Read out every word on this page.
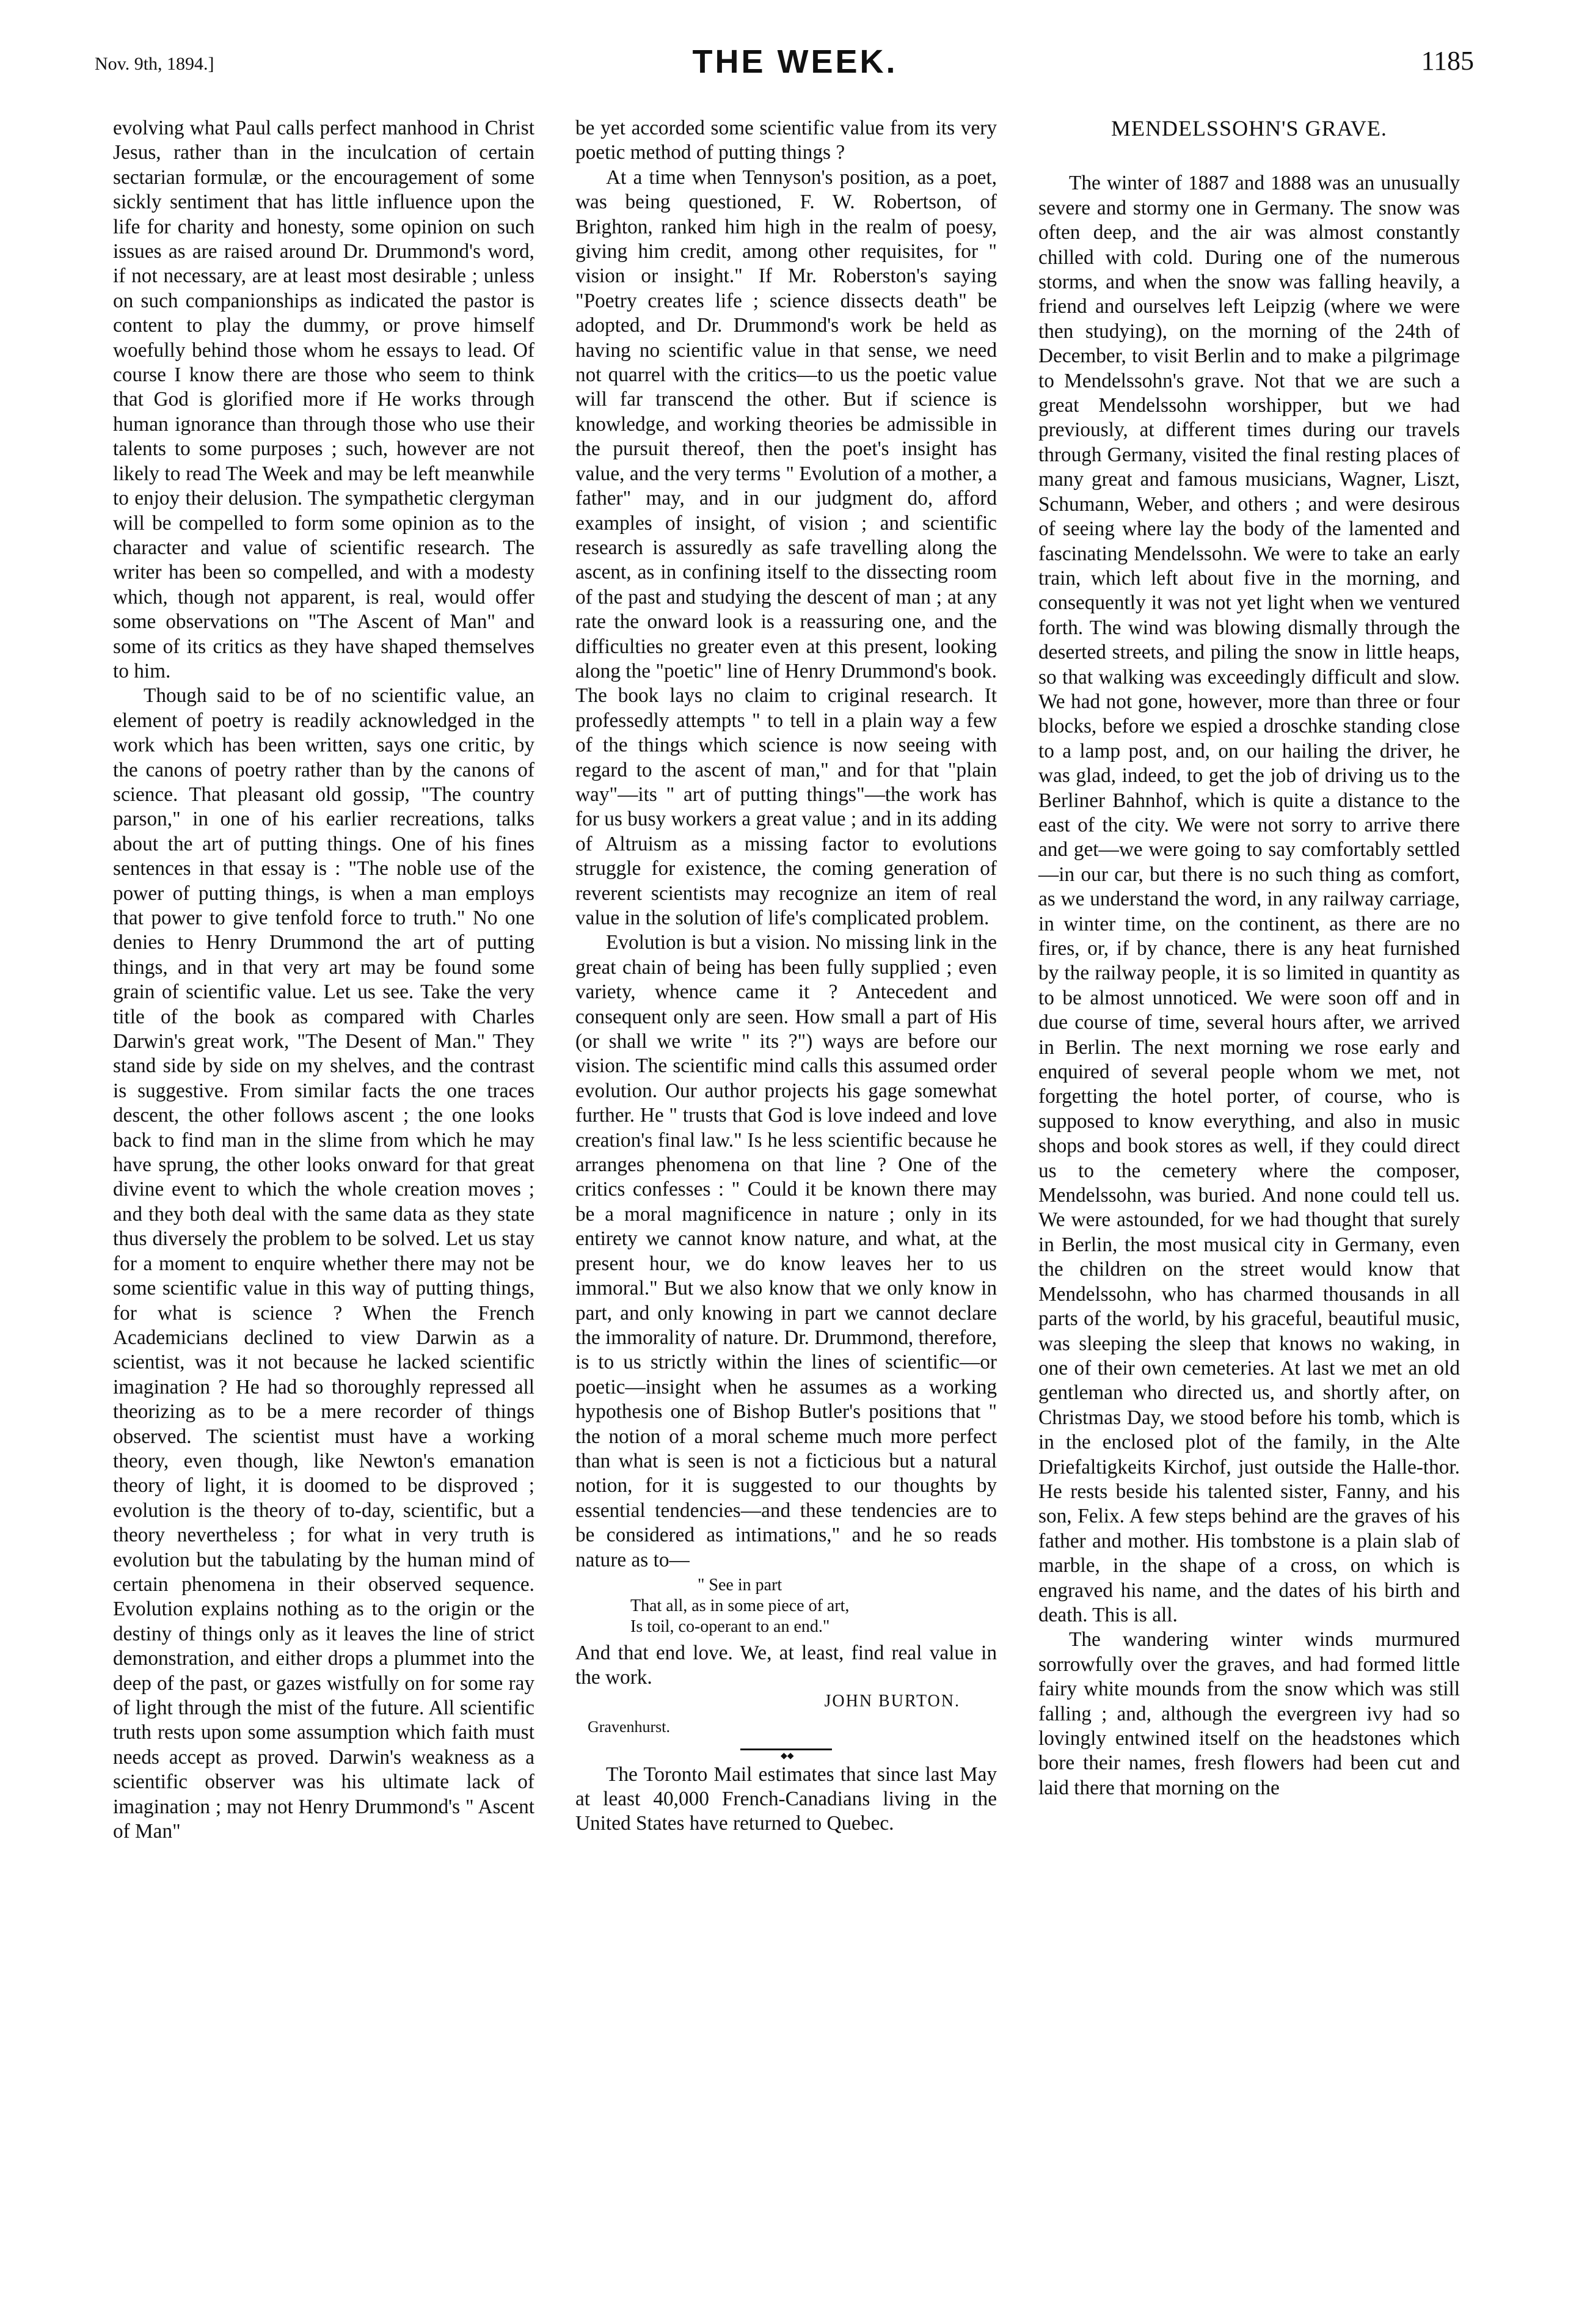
Nov. 9th, 1894.]	THE WEEK.	1185

evolving what Paul calls perfect manhood in Christ Jesus, rather than in the inculcation of certain sectarian formulæ, or the encouragement of some sickly sentiment that has little influence upon the life for charity and honesty, some opinion on such issues as are raised around Dr. Drummond's word, if not necessary, are at least most desirable ; unless on such companionships as indicated the pastor is content to play the dummy, or prove himself woefully behind those whom he essays to lead. Of course I know there are those who seem to think that God is glorified more if He works through human ignorance than through those who use their talents to some purposes ; such, however are not likely to read The Week and may be left meanwhile to enjoy their delusion. The sympathetic clergyman will be compelled to form some opinion as to the character and value of scientific research. The writer has been so compelled, and with a modesty which, though not apparent, is real, would offer some observations on "The Ascent of Man" and some of its critics as they have shaped themselves to him.

Though said to be of no scientific value, an element of poetry is readily acknowledged in the work which has been written, says one critic, by the canons of poetry rather than by the canons of science. That pleasant old gossip, "The country parson," in one of his earlier recreations, talks about the art of putting things. One of his fines sentences in that essay is : "The noble use of the power of putting things, is when a man employs that power to give tenfold force to truth." No one denies to Henry Drummond the art of putting things, and in that very art may be found some grain of scientific value. Let us see. Take the very title of the book as compared with Charles Darwin's great work, "The Desent of Man." They stand side by side on my shelves, and the contrast is suggestive. From similar facts the one traces descent, the other follows ascent ; the one looks back to find man in the slime from which he may have sprung, the other looks onward for that great divine event to which the whole creation moves ; and they both deal with the same data as they state thus diversely the problem to be solved. Let us stay for a moment to enquire whether there may not be some scientific value in this way of putting things, for what is science ? When the French Academicians declined to view Darwin as a scientist, was it not because he lacked scientific imagination ? He had so thoroughly repressed all theorizing as to be a mere recorder of things observed. The scientist must have a working theory, even though, like Newton's emanation theory of light, it is doomed to be disproved ; evolution is the theory of to-day, scientific, but a theory nevertheless ; for what in very truth is evolution but the tabulating by the human mind of certain phenomena in their observed sequence. Evolution explains nothing as to the origin or the destiny of things only as it leaves the line of strict demonstration, and either drops a plummet into the deep of the past, or gazes wistfully on for some ray of light through the mist of the future. All scientific truth rests upon some assumption which faith must needs accept as proved. Darwin's weakness as a scientific observer was his ultimate lack of imagination ; may not Henry Drummond's " Ascent of Man"

be yet accorded some scientific value from its very poetic method of putting things ?

At a time when Tennyson's position, as a poet, was being questioned, F. W. Robertson, of Brighton, ranked him high in the realm of poesy, giving him credit, among other requisites, for " vision or insight." If Mr. Roberston's saying "Poetry creates life ; science dissects death" be adopted, and Dr. Drummond's work be held as having no scientific value in that sense, we need not quarrel with the critics—to us the poetic value will far transcend the other. But if science is knowledge, and working theories be admissible in the pursuit thereof, then the poet's insight has value, and the very terms " Evolution of a mother, a father" may, and in our judgment do, afford examples of insight, of vision ; and scientific research is assuredly as safe travelling along the ascent, as in confining itself to the dissecting room of the past and studying the descent of man ; at any rate the onward look is a reassuring one, and the difficulties no greater even at this present, looking along the "poetic" line of Henry Drummond's book. The book lays no claim to criginal research. It professedly attempts " to tell in a plain way a few of the things which science is now seeing with regard to the ascent of man," and for that "plain way"—its " art of putting things"—the work has for us busy workers a great value ; and in its adding of Altruism as a missing factor to evolutions struggle for existence, the coming generation of reverent scientists may recognize an item of real value in the solution of life's complicated problem.

Evolution is but a vision. No missing link in the great chain of being has been fully supplied ; even variety, whence came it ? Antecedent and consequent only are seen. How small a part of His (or shall we write " its ?") ways are before our vision. The scientific mind calls this assumed order evolution. Our author projects his gage somewhat further. He " trusts that God is love indeed and love creation's final law." Is he less scientific because he arranges phenomena on that line ? One of the critics confesses : " Could it be known there may be a moral magnificence in nature ; only in its entirety we cannot know nature, and what, at the present hour, we do know leaves her to us immoral." But we also know that we only know in part, and only knowing in part we cannot declare the immorality of nature. Dr. Drummond, therefore, is to us strictly within the lines of scientific—or poetic—insight when he assumes as a working hypothesis one of Bishop Butler's positions that " the notion of a moral scheme much more perfect than what is seen is not a ficticious but a natural notion, for it is suggested to our thoughts by essential tendencies—and these tendencies are to be considered as intimations," and he so reads nature as to—

" See in part
That all, as in some piece of art,
Is toil, co-operant to an end."

And that end love. We, at least, find real value in the work.

JOHN BURTON.
Gravenhurst.
◆◆

The Toronto Mail estimates that since last May at least 40,000 French-Canadians living in the United States have returned to Quebec.

MENDELSSOHN'S GRAVE.

The winter of 1887 and 1888 was an unusually severe and stormy one in Germany. The snow was often deep, and the air was almost constantly chilled with cold. During one of the numerous storms, and when the snow was falling heavily, a friend and ourselves left Leipzig (where we were then studying), on the morning of the 24th of December, to visit Berlin and to make a pilgrimage to Mendelssohn's grave. Not that we are such a great Mendelssohn worshipper, but we had previously, at different times during our travels through Germany, visited the final resting places of many great and famous musicians, Wagner, Liszt, Schumann, Weber, and others ; and were desirous of seeing where lay the body of the lamented and fascinating Mendelssohn. We were to take an early train, which left about five in the morning, and consequently it was not yet light when we ventured forth. The wind was blowing dismally through the deserted streets, and piling the snow in little heaps, so that walking was exceedingly difficult and slow. We had not gone, however, more than three or four blocks, before we espied a droschke standing close to a lamp post, and, on our hailing the driver, he was glad, indeed, to get the job of driving us to the Berliner Bahnhof, which is quite a distance to the east of the city. We were not sorry to arrive there and get—we were going to say comfortably settled—in our car, but there is no such thing as comfort, as we understand the word, in any railway carriage, in winter time, on the continent, as there are no fires, or, if by chance, there is any heat furnished by the railway people, it is so limited in quantity as to be almost unnoticed. We were soon off and in due course of time, several hours after, we arrived in Berlin. The next morning we rose early and enquired of several people whom we met, not forgetting the hotel porter, of course, who is supposed to know everything, and also in music shops and book stores as well, if they could direct us to the cemetery where the composer, Mendelssohn, was buried. And none could tell us. We were astounded, for we had thought that surely in Berlin, the most musical city in Germany, even the children on the street would know that Mendelssohn, who has charmed thousands in all parts of the world, by his graceful, beautiful music, was sleeping the sleep that knows no waking, in one of their own cemeteries. At last we met an old gentleman who directed us, and shortly after, on Christmas Day, we stood before his tomb, which is in the enclosed plot of the family, in the Alte Driefaltigkeits Kirchof, just outside the Halle-thor. He rests beside his talented sister, Fanny, and his son, Felix. A few steps behind are the graves of his father and mother. His tombstone is a plain slab of marble, in the shape of a cross, on which is engraved his name, and the dates of his birth and death. This is all.

The wandering winter winds murmured sorrowfully over the graves, and had formed little fairy white mounds from the snow which was still falling ; and, although the evergreen ivy had so lovingly entwined itself on the headstones which bore their names, fresh flowers had been cut and laid there that morning on the
